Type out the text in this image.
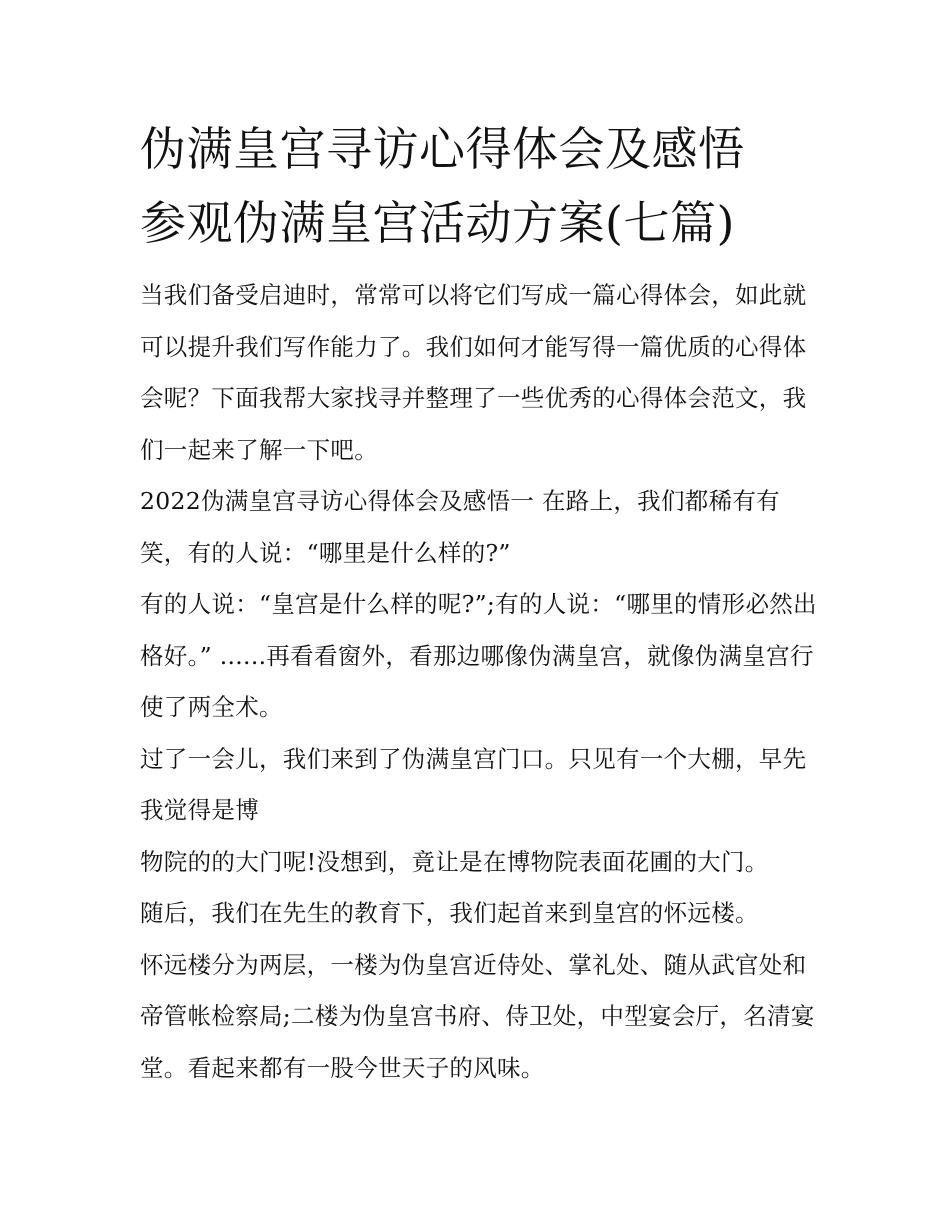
伪满皇宫寻访心得体会及感悟
参观伪满皇宫活动方案(七篇)

当我们备受启迪时，常常可以将它们写成一篇心得体会，如此就可以提升我们写作能力了。我们如何才能写得一篇优质的心得体会呢？下面我帮大家找寻并整理了一些优秀的心得体会范文，我们一起来了解一下吧。

2022伪满皇宫寻访心得体会及感悟一 在路上，我们都稀有有笑，有的人说：“哪里是什么样的?”

有的人说：“皇宫是什么样的呢?”;有的人说：“哪里的情形必然出格好。” ......再看看窗外，看那边哪像伪满皇宫，就像伪满皇宫行使了两全术。

过了一会儿，我们来到了伪满皇宫门口。只见有一个大棚，早先我觉得是博

物院的的大门呢!没想到，竟让是在博物院表面花圃的大门。

随后，我们在先生的教育下，我们起首来到皇宫的怀远楼。

怀远楼分为两层，一楼为伪皇宫近侍处、掌礼处、随从武官处和帝管帐检察局;二楼为伪皇宫书府、侍卫处，中型宴会厅，名清宴堂。看起来都有一股今世天子的风味。
